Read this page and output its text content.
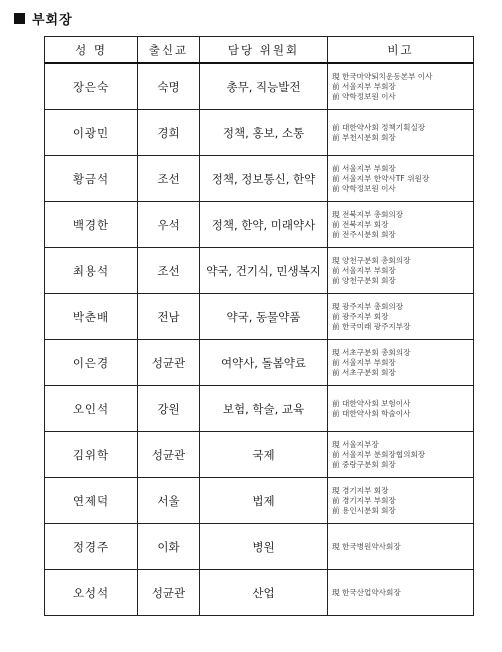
부회장
성 명	출신교	담당 위원회	비고
장은숙	숙명	총무, 직능발전	現 한국마약퇴치운동본부 이사
前 서울지부 부회장
前 약학정보원 이사

이광민	경희	정책, 홍보, 소통	前 대한약사회 정책기획실장
前 부천시분회 회장

황금석	조선	정책, 정보통신, 한약	前 서울지부 부회장
前 서울지부 한약사TF 위원장
前 약학정보원 이사

백경한	우석	정책, 한약, 미래약사	現 전북지부 총회의장
前 전북지부 회장
前 전주시분회 회장

최용석	조선	약국, 건기식, 민생복지	現 양천구분회 총회의장
前 서울지부 부회장
前 양천구분회 회장

박춘배	전남	약국, 동물약품	現 광주지부 총회의장
前 광주지부 회장
前 한국미래 광주지부장

이은경	성균관	여약사, 돌봄약료	現 서초구분회 총회의장
前 서울지부 부회장
前 서초구분회 회장

오인석	강원	보험, 학술, 교육	前 대한약사회 보험이사
前 대한약사회 학술이사

김위학	성균관	국제	現 서울지부장
前 서울지부 분회장협의회장
前 중랑구분회 회장

연제덕	서울	법제	現 경기지부 회장
前 경기지부 부회장
前 용인시분회 회장

정경주	이화	병원	現 한국병원약사회장

오성석	성균관	산업	現 한국산업약사회장
